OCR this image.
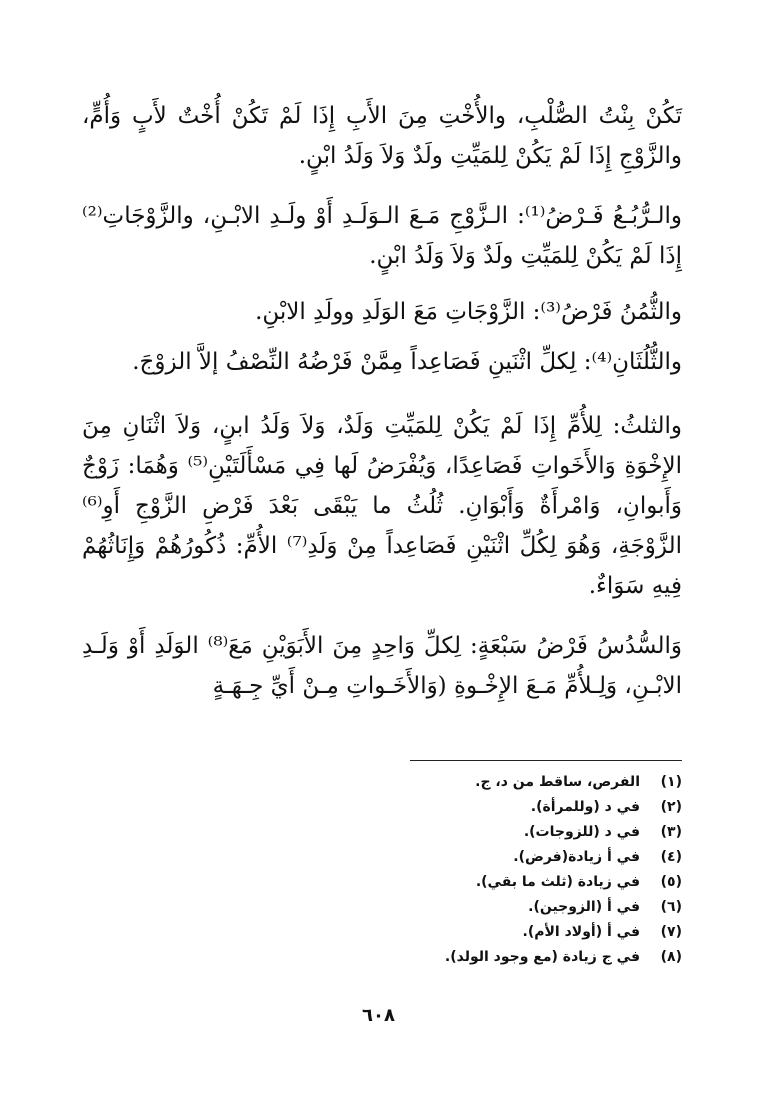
تَكُنْ بِنْتُ الصُّلْبِ، والأُخْتِ مِنَ الأَبِ إِذَا لَمْ تَكُنْ أُخْتٌ لأَبٍ وَأُمٍّ، والزَّوْجِ إِذَا لَمْ يَكُنْ لِلمَيِّتِ ولَدٌ وَلاَ وَلَدُ ابْنٍ.

والـرُّبُـعُ فَـرْضُ⁽¹⁾: الـزَّوْجِ مَـعَ الـوَلَـدِ أَوْ ولَـدِ الابْـنِ، والزَّوْجَاتِ⁽²⁾ إِذَا لَمْ يَكُنْ لِلمَيِّتِ ولَدٌ وَلاَ وَلَدُ ابْنٍ.

والثُّمُنُ فَرْضُ⁽³⁾: الزَّوْجَاتِ مَعَ الوَلَدِ وولَدِ الابْنِ.

والثُّلُثَانِ⁽⁴⁾: لِكلِّ اثْنَينِ فَصَاعِداً مِمَّنْ فَرْضُهُ النِّصْفُ إلاَّ الزوْجَ.

والثلثُ: لِلأُمِّ إِذَا لَمْ يَكُنْ لِلمَيِّتِ وَلَدٌ، وَلاَ وَلَدُ ابنٍ، وَلاَ اثْنَانِ مِنَ الإِخْوَةِ وَالأَخَواتِ فَصَاعِدًا، وَيُفْرَضُ لَها فِي مَسْأَلَتَيْنِ⁽⁵⁾ وَهُمَا: زَوْجٌ وَأَبوانِ، وَامْرأَةٌ وَأَبْوَانِ. ثُلُثُ ما يَبْقَى بَعْدَ فَرْضِ الزَّوْجِ أَوِ⁽⁶⁾ الزَّوْجَةِ، وَهُوَ لِكُلِّ اثْنَيْنِ فَصَاعِداً مِنْ وَلَدِ⁽⁷⁾ الأُمِّ: ذُكُورُهُمْ وَإِنَاثُهُمْ فِيهِ سَوَاءٌ.

وَالسُّدُسُ فَرْضُ سَبْعَةٍ: لِكلِّ وَاحِدٍ مِنَ الأَبَوَيْنِ مَعَ⁽⁸⁾ الوَلَدِ أَوْ وَلَـدِ الابْـنِ، وَلِـلأُمِّ مَـعَ الإِخْـوةِ (وَالأَخَـواتِ مِـنْ أَيِّ جِـهَـةٍ

(١)
الفرص، ساقط من د، ج.
(٢)
في د (وللمرأة).
(٣)
في د (للزوجات).
(٤)
في أ زيادة(فرض).
(٥)
في زيادة (ثلث ما بقي).
(٦)
في أ (الزوجين).
(٧)
في أ (أولاد الأم).
(٨)
في ج زيادة (مع وجود الولد).
٦٠٨
